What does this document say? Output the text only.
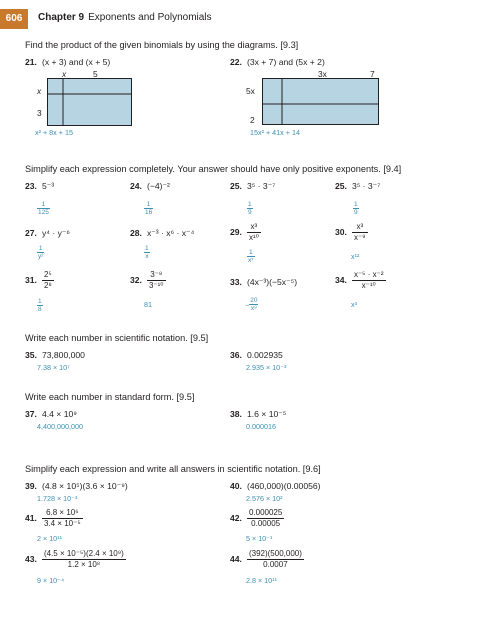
606	Chapter 9 Exponents and Polynomials
Find the product of the given binomials by using the diagrams. [9.3]
21. (x + 3) and (x + 5)
x	5
x
3
x² + 8x + 15
22. (3x + 7) and (5x + 2)
3x	7
5x
2
15x² + 41x + 14
Simplify each expression completely. Your answer should have only positive exponents. [9.4]
23. 5⁻³
$\frac{1}{125}$
24. (−4)⁻²
$\frac{1}{16}$
25. 3⁵ · 3⁻⁷
$\frac{1}{9}$
25. 3⁵ · 3⁻⁷
$\frac{1}{9}$
27. y⁴ · y⁻⁶
$\frac{1}{\text{y²}}$
28. x⁻³ · x⁶ · x⁻⁴
$\frac{1}{x}$
29. $\frac{\text{x³}}{\text{x¹⁰}}$
$\frac{1}{\text{x⁷}}$
30. $\frac{\text{x³}}{\text{x⁻⁹}}$
x¹²
31. $\frac{\text{2⁵}}{\text{2⁸}}$
$\frac{1}{8}$
32. $\frac{\text{3⁻⁸}}{\text{3⁻¹⁰}}$
81
33. (4x⁻³)(−5x⁻⁵)
− $\frac{20}{\text{x⁸}}$
34. $\frac{\text{x⁻⁵ · x⁻²}}{\text{x⁻¹⁰}}$
x³
Write each number in scientific notation. [9.5]
35. 73,800,000
7.38 × 10⁷
36. 0.002935
2.935 × 10⁻³
Write each number in standard form. [9.5]
37. 4.4 × 10⁹
4,400,000,000
38. 1.6 × 10⁻⁵
0.000016
Simplify each expression and write all answers in scientific notation. [9.6]
39. (4.8 × 10⁵)(3.6 × 10⁻⁹)
1.728 × 10⁻³
40. (460,000)(0.00056)
2.576 × 10²
41. $\frac{\text{6.8 × 10⁶}}{\text{3.4 × 10⁻⁵}}$
2 × 10¹¹
42. $\frac{0.000025}{0.00005}$
5 × 10⁻¹
43. $\frac{\text{(4.5 × 10⁻⁵)(2.4 × 10⁹)}}{\text{1.2 × 10⁸}}$
9 × 10⁻⁴
44. $\frac{(392)(500,000)}{0.0007}$
2.8 × 10¹¹
